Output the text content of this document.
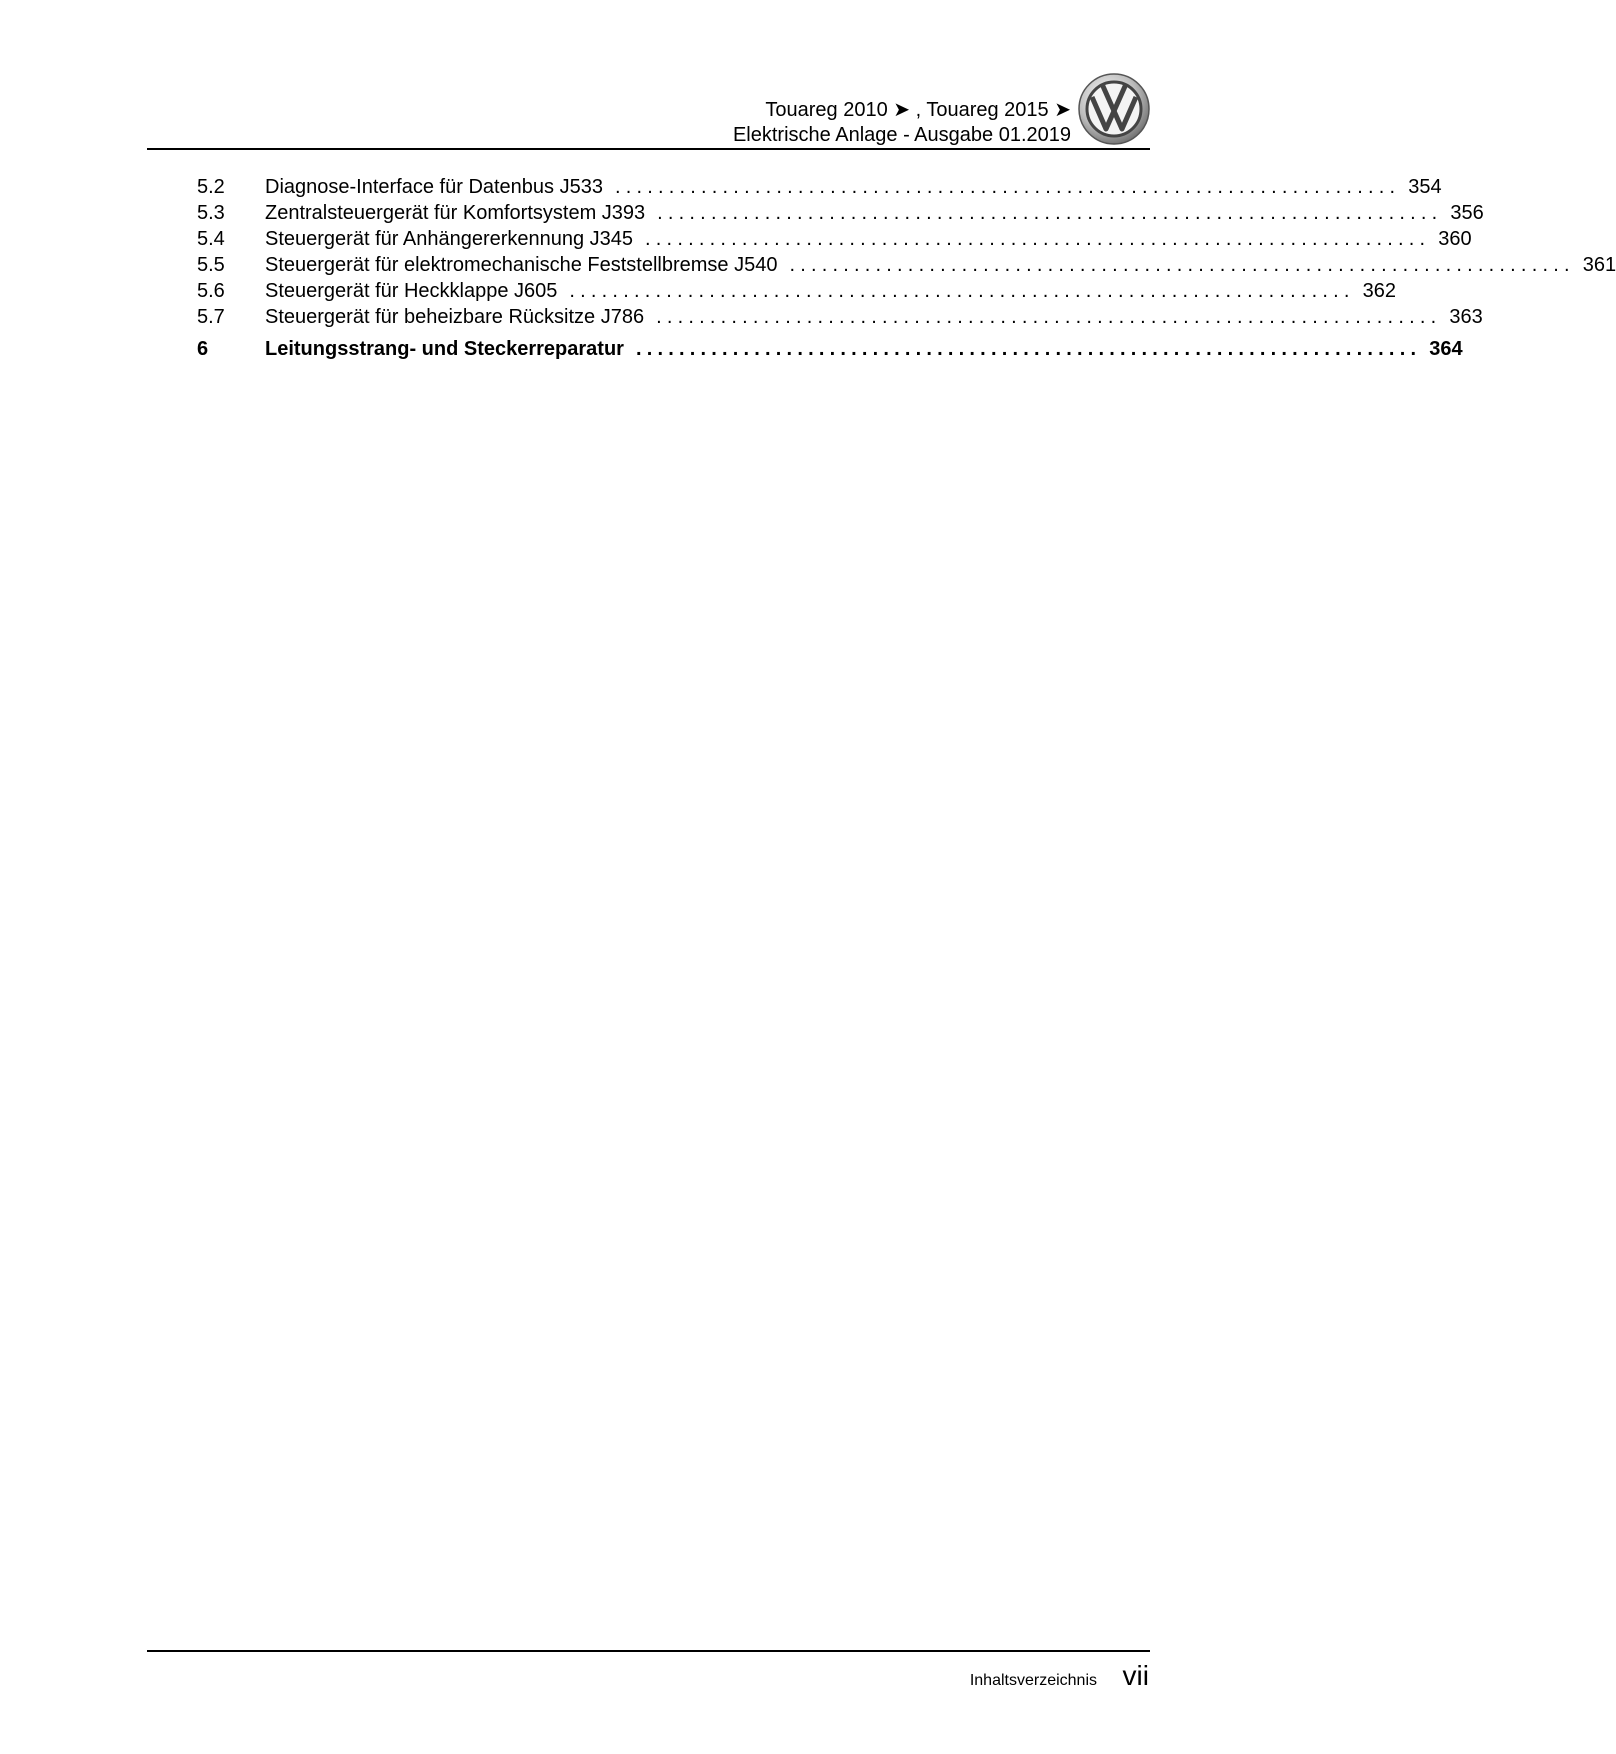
Touareg 2010 ➤ , Touareg 2015 ➤
Elektrische Anlage - Ausgabe 01.2019
5.2	Diagnose-Interface für Datenbus J533 ......................................................................... 354
5.3	Zentralsteuergerät für Komfortsystem J393 ......................................................................... 356
5.4	Steuergerät für Anhängererkennung J345 ......................................................................... 360
5.5	Steuergerät für elektromechanische Feststellbremse J540 ......................................................................... 361
5.6	Steuergerät für Heckklappe J605 ......................................................................... 362
5.7	Steuergerät für beheizbare Rücksitze J786 ......................................................................... 363
6	Leitungsstrang- und Steckerreparatur ......................................................................... 364
Inhaltsverzeichnis vii
